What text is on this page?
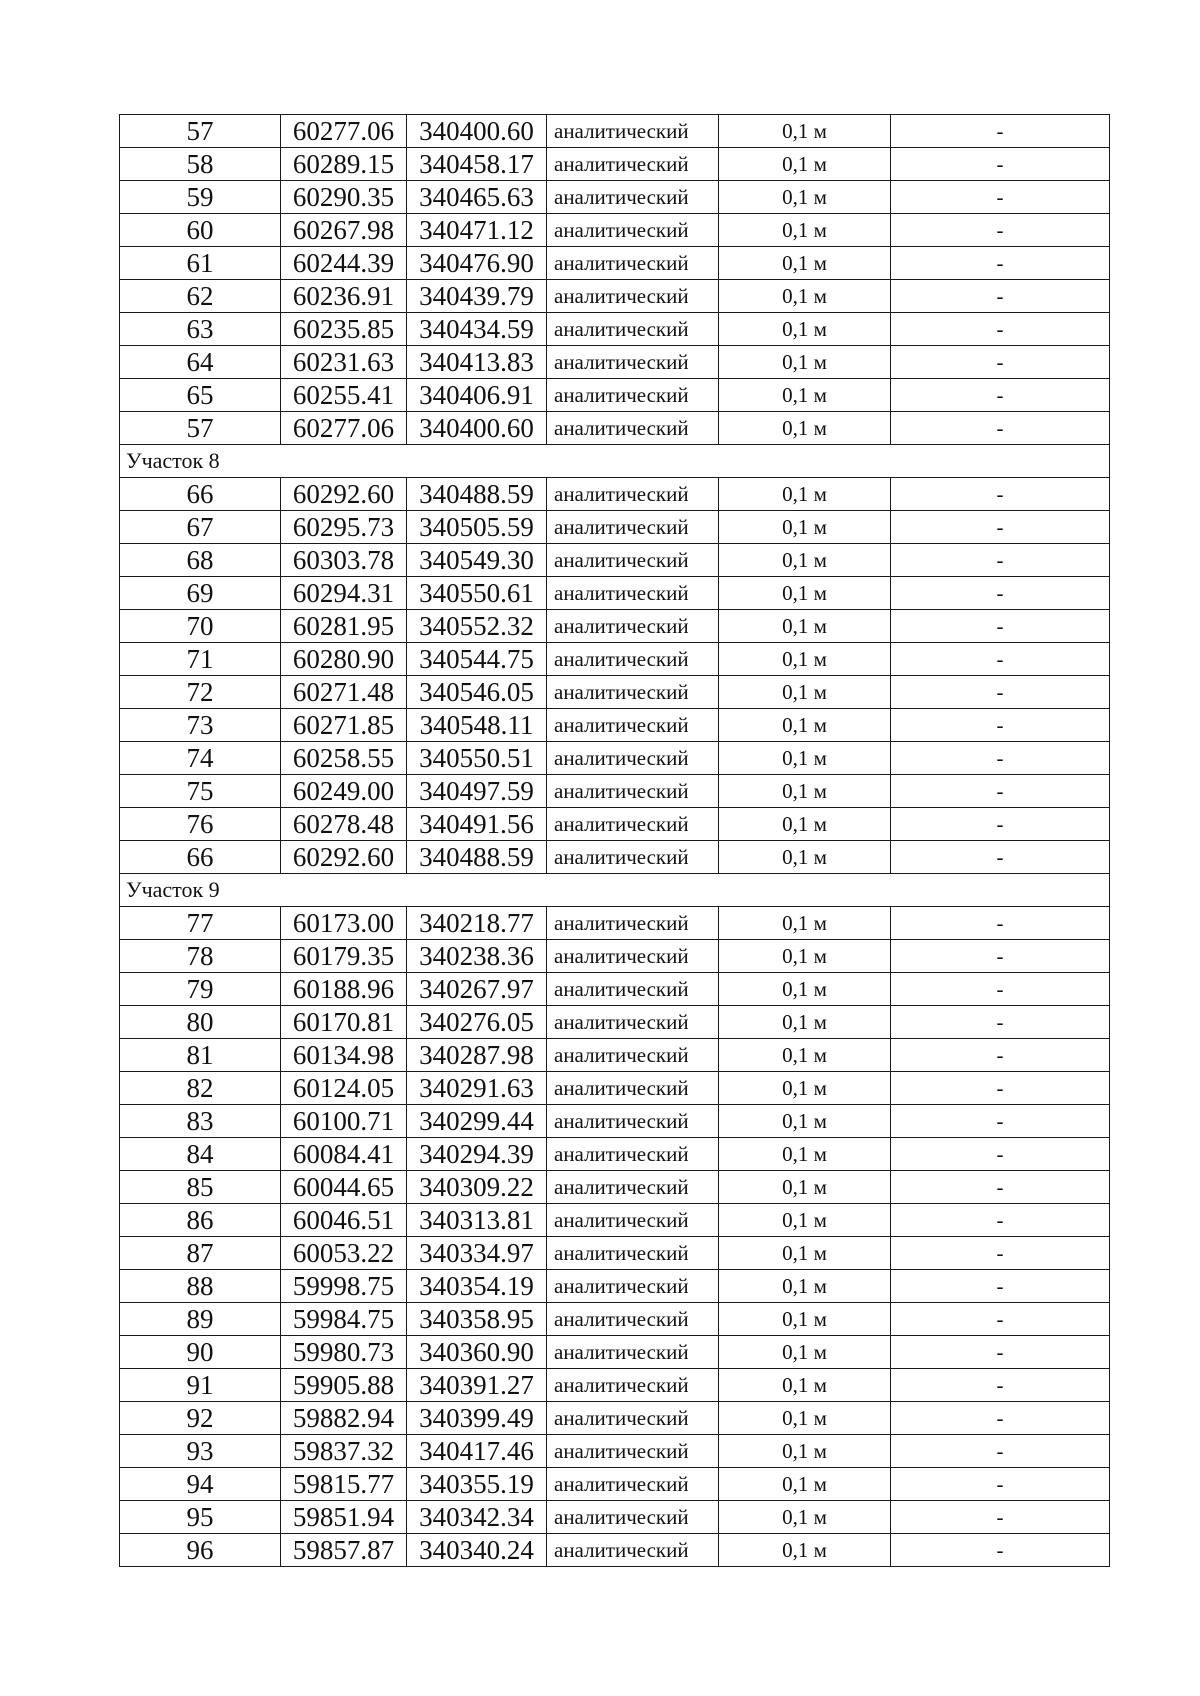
57	60277.06	340400.60	аналитический	0,1 м	-
58	60289.15	340458.17	аналитический	0,1 м	-
59	60290.35	340465.63	аналитический	0,1 м	-
60	60267.98	340471.12	аналитический	0,1 м	-
61	60244.39	340476.90	аналитический	0,1 м	-
62	60236.91	340439.79	аналитический	0,1 м	-
63	60235.85	340434.59	аналитический	0,1 м	-
64	60231.63	340413.83	аналитический	0,1 м	-
65	60255.41	340406.91	аналитический	0,1 м	-
57	60277.06	340400.60	аналитический	0,1 м	-
Участок 8					
66	60292.60	340488.59	аналитический	0,1 м	-
67	60295.73	340505.59	аналитический	0,1 м	-
68	60303.78	340549.30	аналитический	0,1 м	-
69	60294.31	340550.61	аналитический	0,1 м	-
70	60281.95	340552.32	аналитический	0,1 м	-
71	60280.90	340544.75	аналитический	0,1 м	-
72	60271.48	340546.05	аналитический	0,1 м	-
73	60271.85	340548.11	аналитический	0,1 м	-
74	60258.55	340550.51	аналитический	0,1 м	-
75	60249.00	340497.59	аналитический	0,1 м	-
76	60278.48	340491.56	аналитический	0,1 м	-
66	60292.60	340488.59	аналитический	0,1 м	-
Участок 9					
77	60173.00	340218.77	аналитический	0,1 м	-
78	60179.35	340238.36	аналитический	0,1 м	-
79	60188.96	340267.97	аналитический	0,1 м	-
80	60170.81	340276.05	аналитический	0,1 м	-
81	60134.98	340287.98	аналитический	0,1 м	-
82	60124.05	340291.63	аналитический	0,1 м	-
83	60100.71	340299.44	аналитический	0,1 м	-
84	60084.41	340294.39	аналитический	0,1 м	-
85	60044.65	340309.22	аналитический	0,1 м	-
86	60046.51	340313.81	аналитический	0,1 м	-
87	60053.22	340334.97	аналитический	0,1 м	-
88	59998.75	340354.19	аналитический	0,1 м	-
89	59984.75	340358.95	аналитический	0,1 м	-
90	59980.73	340360.90	аналитический	0,1 м	-
91	59905.88	340391.27	аналитический	0,1 м	-
92	59882.94	340399.49	аналитический	0,1 м	-
93	59837.32	340417.46	аналитический	0,1 м	-
94	59815.77	340355.19	аналитический	0,1 м	-
95	59851.94	340342.34	аналитический	0,1 м	-
96	59857.87	340340.24	аналитический	0,1 м	-
